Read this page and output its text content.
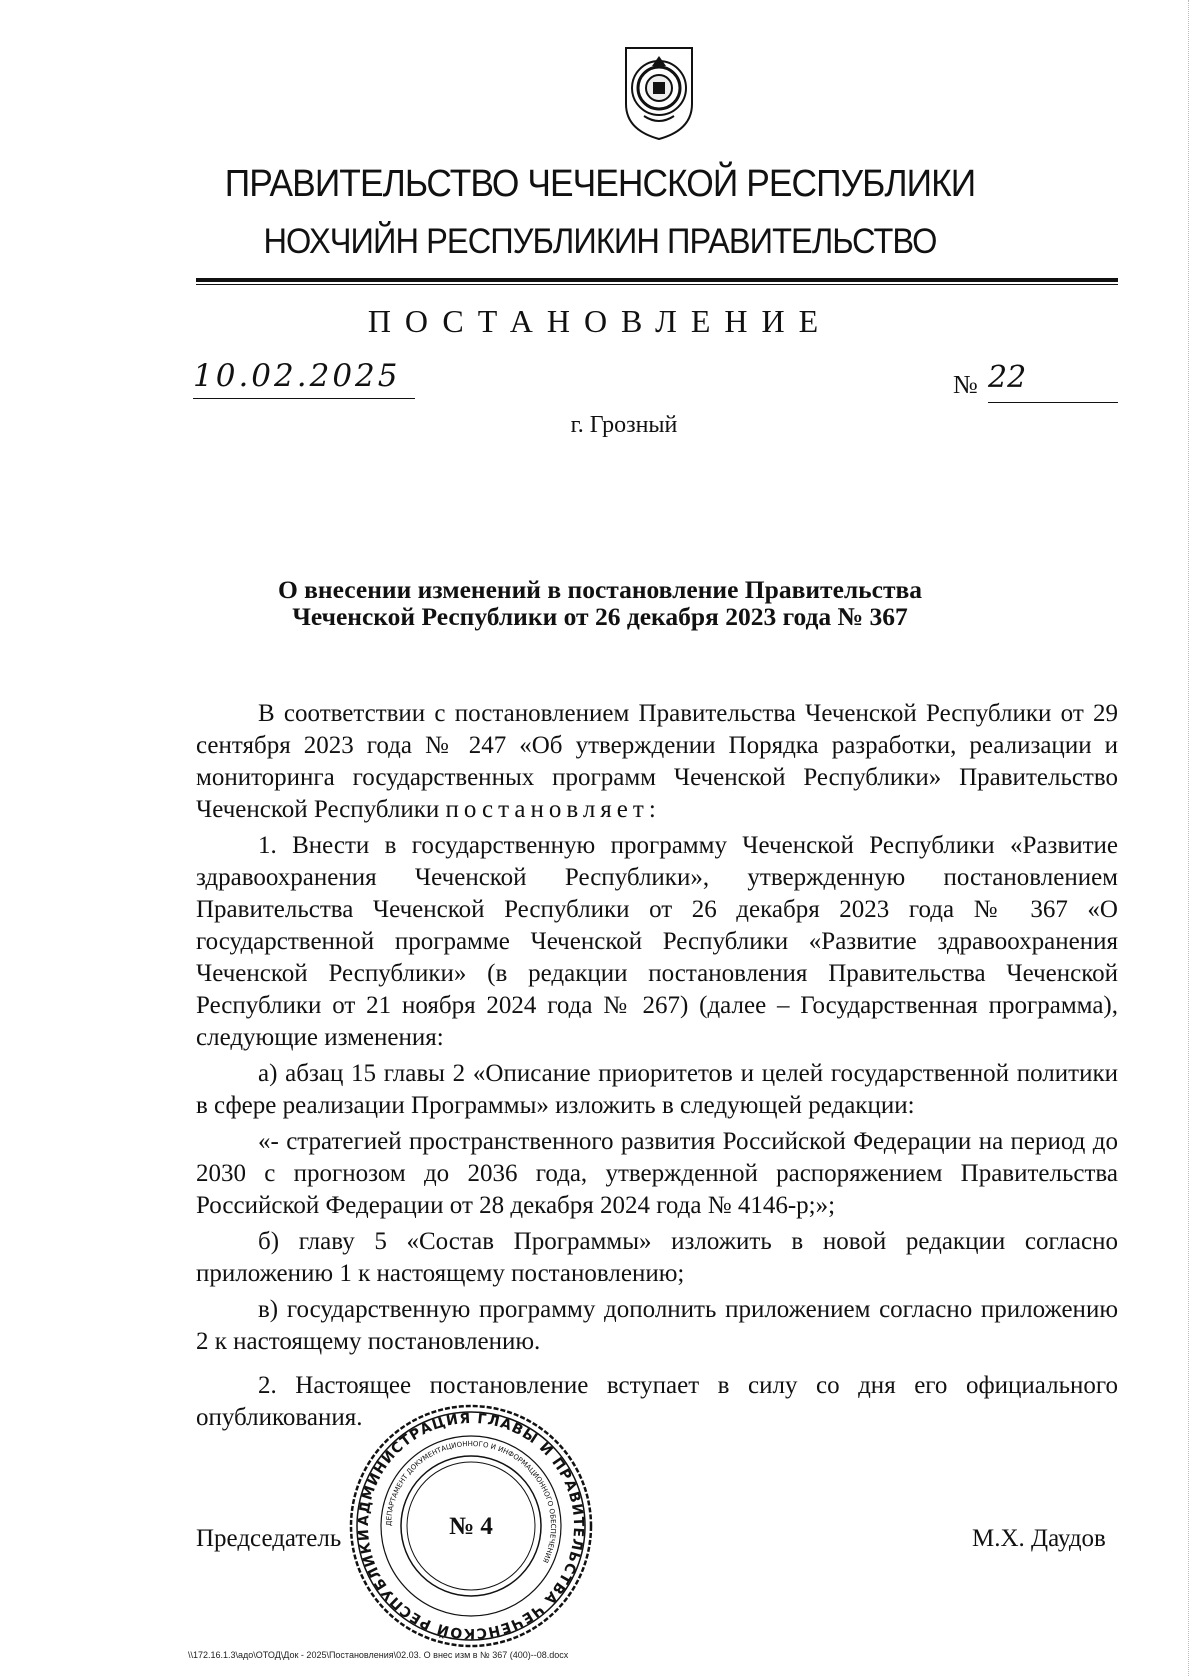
ПРАВИТЕЛЬСТВО ЧЕЧЕНСКОЙ РЕСПУБЛИКИ
НОХЧИЙН РЕСПУБЛИКИН ПРАВИТЕЛЬСТВО
ПОСТАНОВЛЕНИЕ
10.02.2025	№ 22
г. Грозный
О внесении изменений в постановление Правительства
Чеченской Республики от 26 декабря 2023 года № 367

В соответствии с постановлением Правительства Чеченской Республики от 29 сентября 2023 года № 247 «Об утверждении Порядка разработки, реализации и мониторинга государственных программ Чеченской Республики» Правительство Чеченской Республики постановляет:

1. Внести в государственную программу Чеченской Республики «Развитие здравоохранения Чеченской Республики», утвержденную постановлением Правительства Чеченской Республики от 26 декабря 2023 года № 367 «О государственной программе Чеченской Республики «Развитие здравоохранения Чеченской Республики» (в редакции постановления Правительства Чеченской Республики от 21 ноября 2024 года № 267) (далее – Государственная программа), следующие изменения:

а) абзац 15 главы 2 «Описание приоритетов и целей государственной политики в сфере реализации Программы» изложить в следующей редакции:

«- стратегией пространственного развития Российской Федерации на период до 2030 с прогнозом до 2036 года, утвержденной распоряжением Правительства Российской Федерации от 28 декабря 2024 года № 4146-р;»;

б) главу 5 «Состав Программы» изложить в новой редакции согласно приложению 1 к настоящему постановлению;

в) государственную программу дополнить приложением согласно приложению 2 к настоящему постановлению.

2. Настоящее постановление вступает в силу со дня его официального опубликования.

Председатель	М.Х. Даудов
АДМИНИСТРАЦИЯ ГЛАВЫ И ПРАВИТЕЛЬСТВА ЧЕЧЕНСКОЙ РЕСПУБЛИКИ
ДЕПАРТАМЕНТ ДОКУМЕНТАЦИОННОГО И ИНФОРМАЦИОННОГО ОБЕСПЕЧЕНИЯ
№ 4
\\172.16.1.3\адо\ОТОД\Док - 2025\Постановления\02.03. О внес изм в № 367 (400)--08.docx
